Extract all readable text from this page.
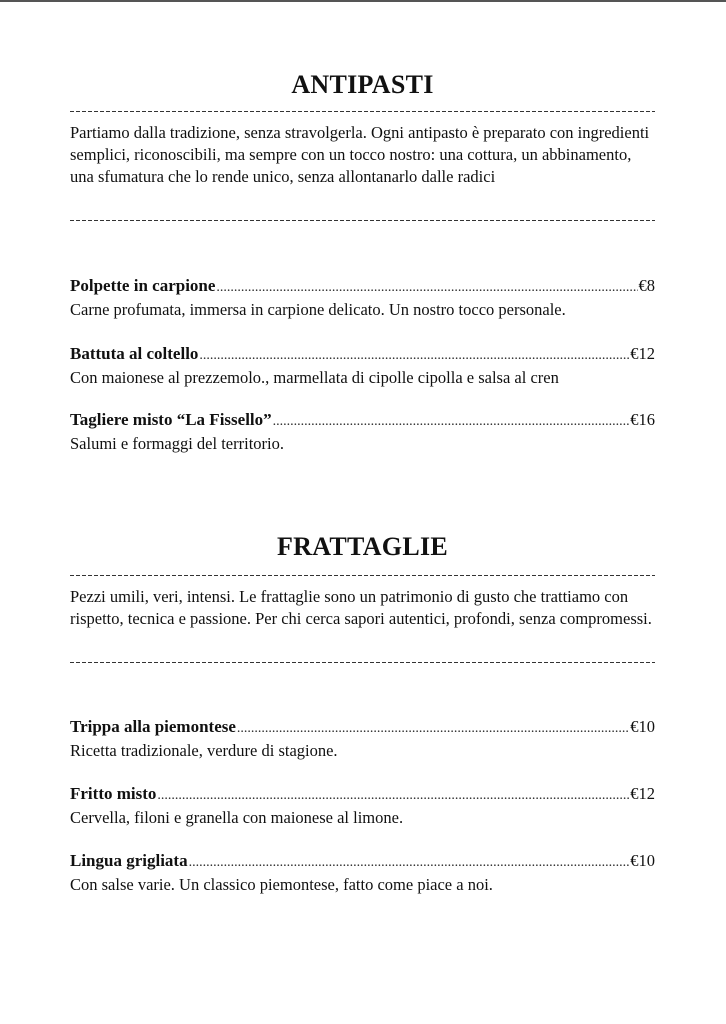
ANTIPASTI

Partiamo dalla tradizione, senza stravolgerla. Ogni antipasto è preparato con ingredienti semplici, riconoscibili, ma sempre con un tocco nostro: una cottura, un abbinamento, una sfumatura che lo rende unico, senza allontanarlo dalle radici

Polpette in carpione .....	€8

Carne profumata, immersa in carpione delicato. Un nostro tocco personale.

Battuta al coltello .....	€12

Con maionese al prezzemolo., marmellata di cipolle cipolla e salsa al cren

Tagliere misto “La Fissello” .....	€16

Salumi e formaggi del territorio.

FRATTAGLIE

Pezzi umili, veri, intensi. Le frattaglie sono un patrimonio di gusto che trattiamo con rispetto, tecnica e passione. Per chi cerca sapori autentici, profondi, senza compromessi.

Trippa alla piemontese .....	€10

Ricetta tradizionale, verdure di stagione.

Fritto misto .....	€12

Cervella, filoni e granella con maionese al limone.

Lingua grigliata .....	€10

Con salse varie. Un classico piemontese, fatto come piace a noi.
